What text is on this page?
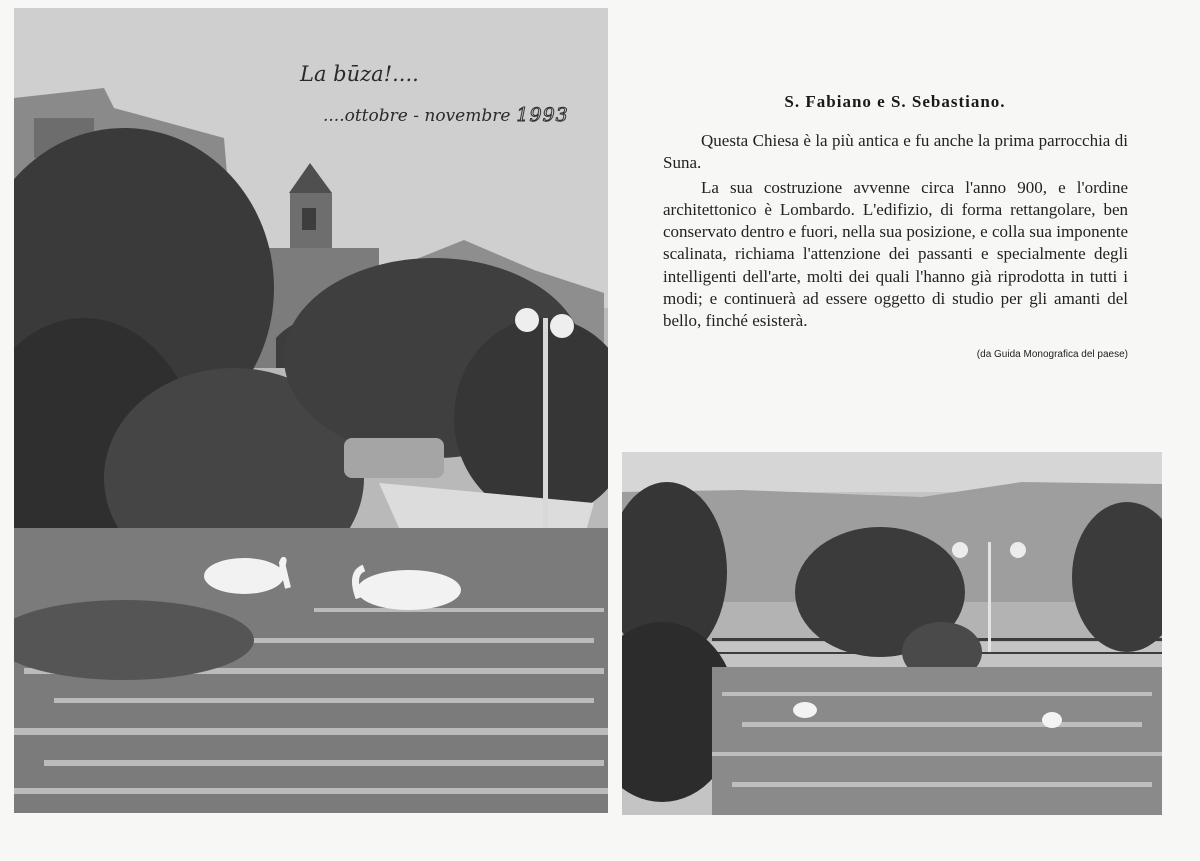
La būza!....
....ottobre - novembre 1993
S. Fabiano e S. Sebastiano.

Questa Chiesa è la più antica e fu anche la prima parrocchia di Suna.

La sua costruzione avvenne circa l'anno 900, e l'ordine architettonico è Lombardo. L'edifizio, di forma rettangolare, ben conservato dentro e fuori, nella sua posizione, e colla sua imponente scalinata, richiama l'attenzione dei passanti e specialmente degli intelligenti dell'arte, molti dei quali l'hanno già riprodotta in tutti i modi; e continuerà ad essere oggetto di studio per gli amanti del bello, finché esisterà.

(da Guida Monografica del paese)
